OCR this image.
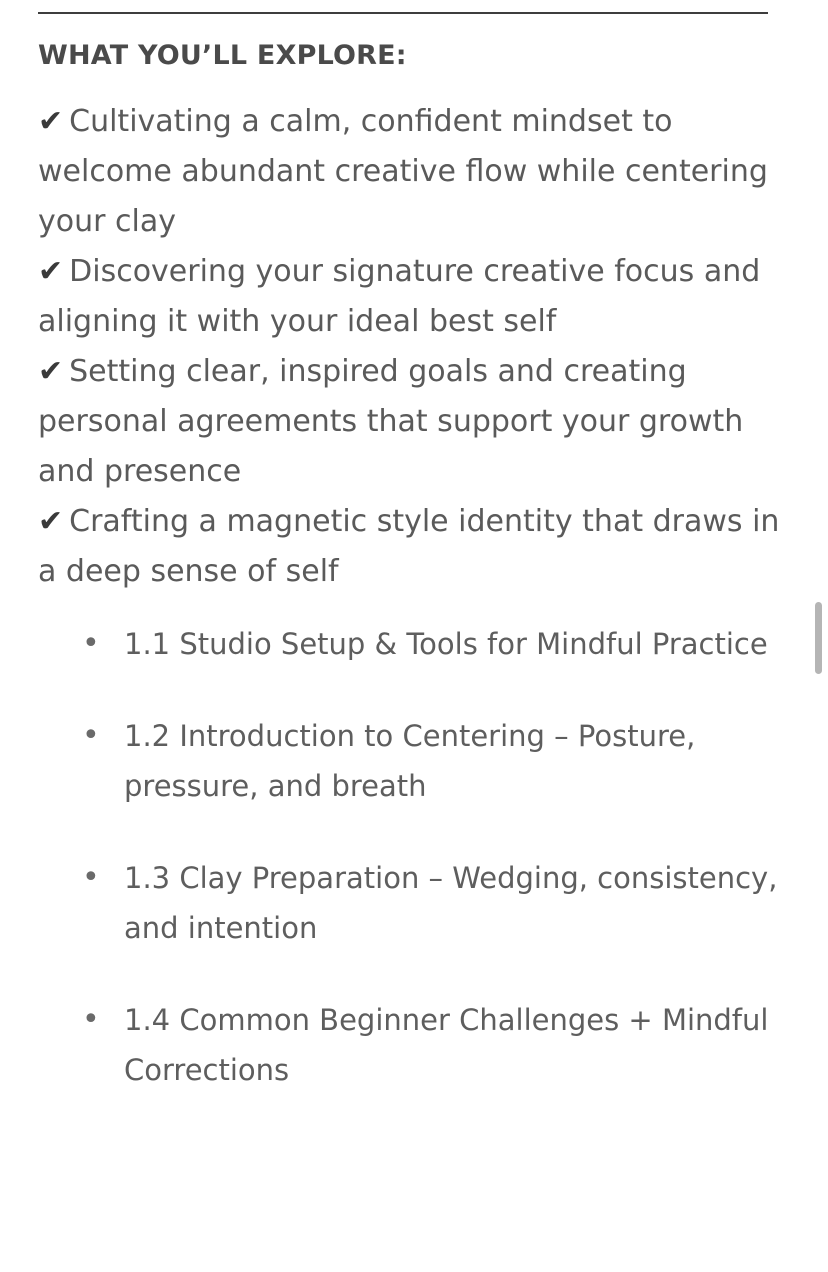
WHAT YOU’LL EXPLORE:
✔ Cultivating a calm, confident mindset to welcome abundant creative flow while centering your clay
✔ Discovering your signature creative focus and aligning it with your ideal best self
✔ Setting clear, inspired goals and creating personal agreements that support your growth and presence
✔ Crafting a magnetic style identity that draws in a deep sense of self
• 1.1 Studio Setup & Tools for Mindful Practice
• 1.2 Introduction to Centering – Posture, pressure, and breath
• 1.3 Clay Preparation – Wedging, consistency, and intention
• 1.4 Common Beginner Challenges + Mindful Corrections
